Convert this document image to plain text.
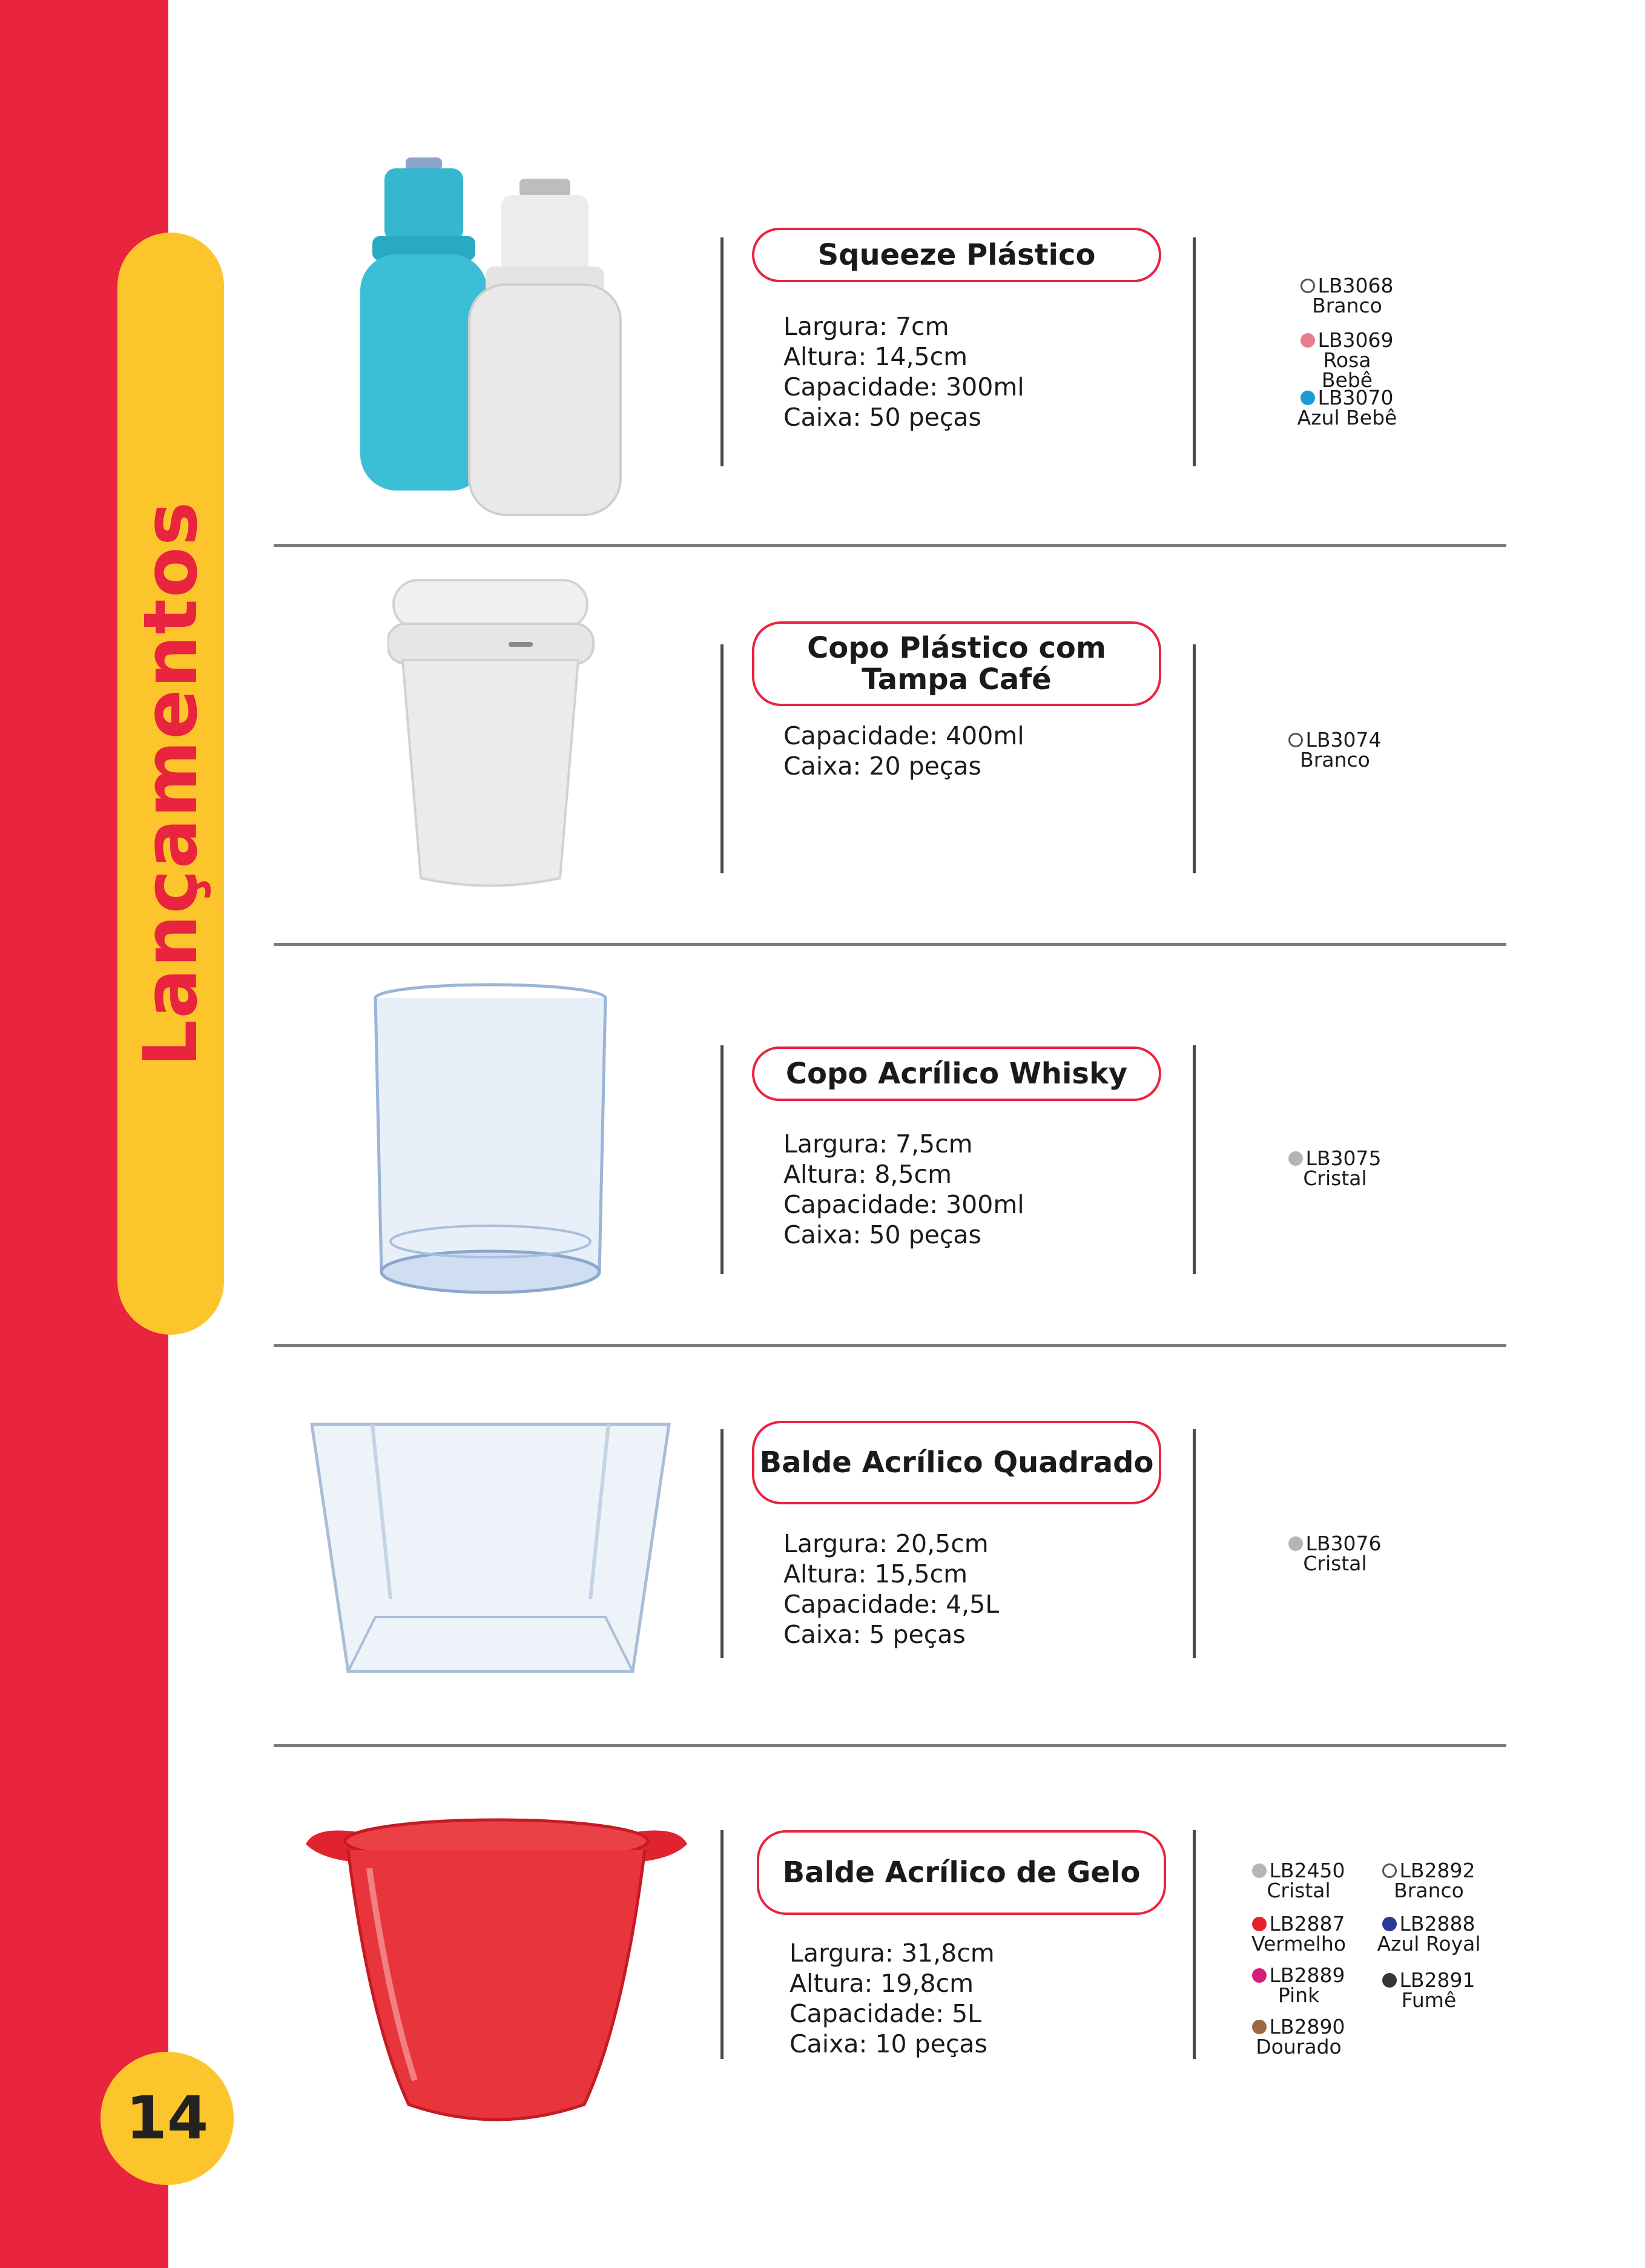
Lançamentos
14
Squeeze Plástico
Largura: 7cm
Altura: 14,5cm
Capacidade: 300ml
Caixa: 50 peças
LB3068
Branco
LB3069
Rosa Bebê
LB3070
Azul Bebê
Copo Plástico com Tampa Café
Capacidade: 400ml
Caixa: 20 peças
LB3074
Branco
Copo Acrílico Whisky
Largura: 7,5cm
Altura: 8,5cm
Capacidade: 300ml
Caixa: 50 peças
LB3075
Cristal
Balde Acrílico Quadrado
Largura: 20,5cm
Altura: 15,5cm
Capacidade: 4,5L
Caixa: 5 peças
LB3076
Cristal
Balde Acrílico de Gelo
Largura: 31,8cm
Altura: 19,8cm
Capacidade: 5L
Caixa: 10 peças
LB2450
Cristal
LB2892
Branco
LB2887
Vermelho
LB2888
Azul Royal
LB2889
Pink
LB2891
Fumê
LB2890
Dourado
